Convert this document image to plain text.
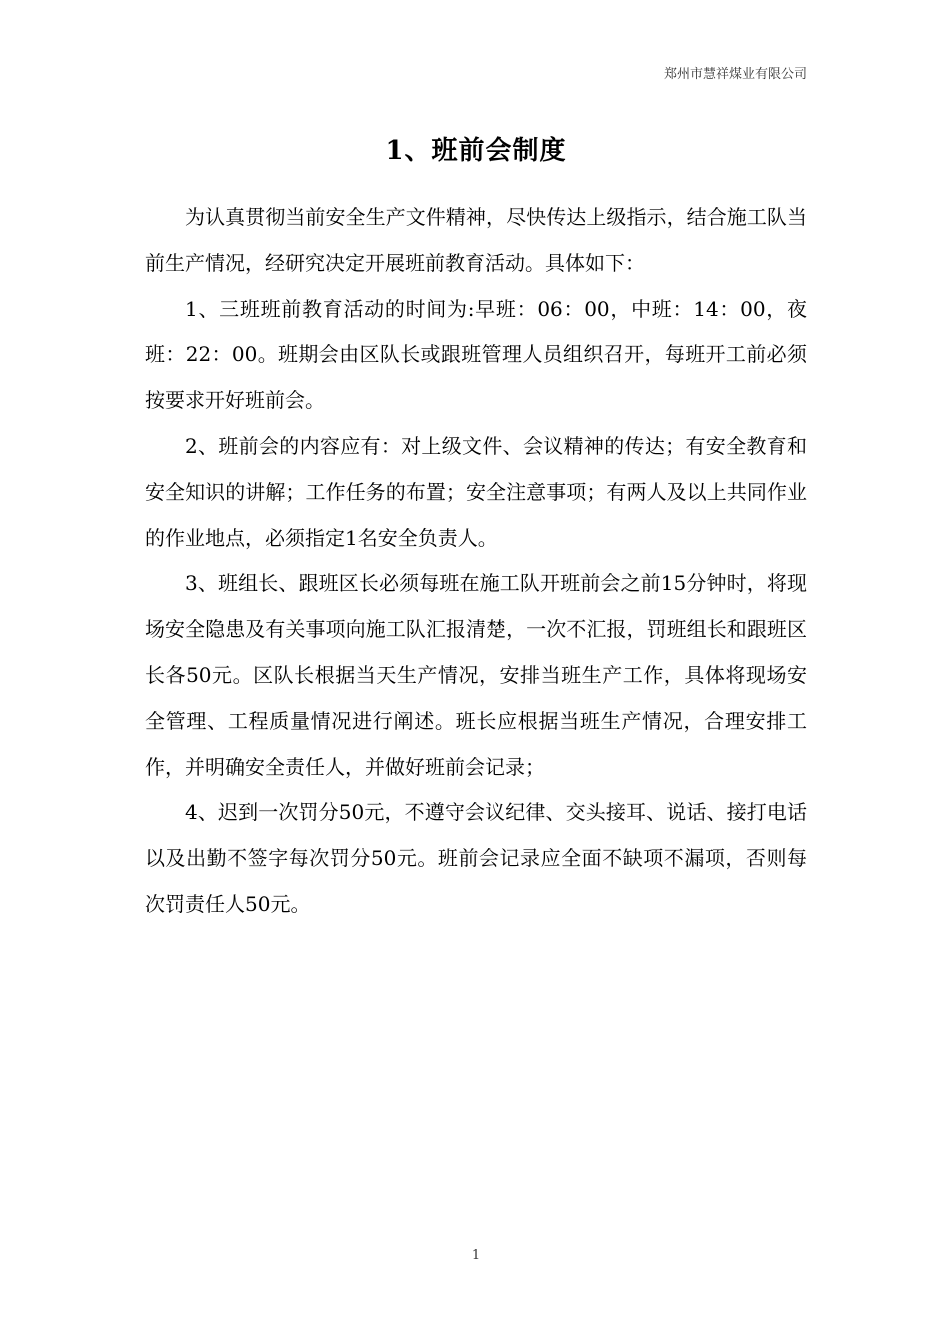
郑州市慧祥煤业有限公司
1、班前会制度

为认真贯彻当前安全生产文件精神，尽快传达上级指示，结合施工队当前生产情况，经研究决定开展班前教育活动。具体如下：

1、三班班前教育活动的时间为:早班：06：00，中班：14：00，夜班：22：00。班期会由区队长或跟班管理人员组织召开，每班开工前必须按要求开好班前会。

2、班前会的内容应有：对上级文件、会议精神的传达；有安全教育和安全知识的讲解；工作任务的布置；安全注意事项；有两人及以上共同作业的作业地点，必须指定1名安全负责人。

3、班组长、跟班区长必须每班在施工队开班前会之前15分钟时，将现场安全隐患及有关事项向施工队汇报清楚，一次不汇报，罚班组长和跟班区长各50元。区队长根据当天生产情况，安排当班生产工作，具体将现场安全管理、工程质量情况进行阐述。班长应根据当班生产情况，合理安排工作，并明确安全责任人，并做好班前会记录；

4、迟到一次罚分50元，不遵守会议纪律、交头接耳、说话、接打电话以及出勤不签字每次罚分50元。班前会记录应全面不缺项不漏项，否则每次罚责任人50元。

1
